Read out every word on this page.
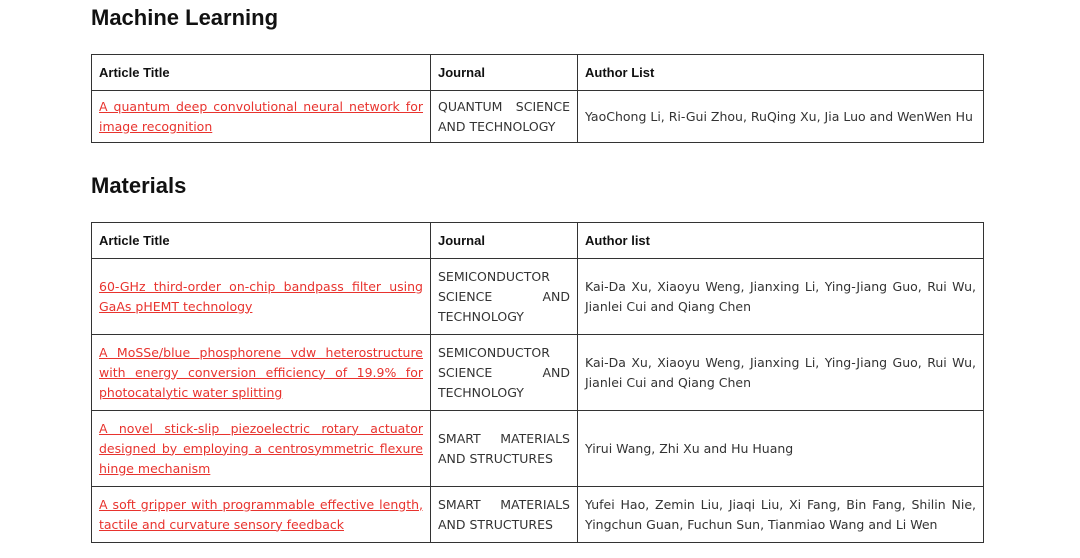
Machine Learning
Article Title	Journal	Author List
A quantum deep convolutional neural network for image recognition	QUANTUM SCIENCE AND TECHNOLOGY	YaoChong Li, Ri-Gui Zhou, RuQing Xu, Jia Luo and WenWen Hu
Materials
Article Title	Journal	Author list
60-GHz third-order on-chip bandpass filter using GaAs pHEMT technology	SEMICONDUCTOR SCIENCE AND TECHNOLOGY	Kai-Da Xu, Xiaoyu Weng, Jianxing Li, Ying-Jiang Guo, Rui Wu, Jianlei Cui and Qiang Chen
A MoSSe/blue phosphorene vdw heterostructure with energy conversion efficiency of 19.9% for photocatalytic water splitting	SEMICONDUCTOR SCIENCE AND TECHNOLOGY	Kai-Da Xu, Xiaoyu Weng, Jianxing Li, Ying-Jiang Guo, Rui Wu, Jianlei Cui and Qiang Chen
A novel stick-slip piezoelectric rotary actuator designed by employing a centrosymmetric flexure hinge mechanism	SMART MATERIALS AND STRUCTURES	Yirui Wang, Zhi Xu and Hu Huang
A soft gripper with programmable effective length, tactile and curvature sensory feedback	SMART MATERIALS AND STRUCTURES	Yufei Hao, Zemin Liu, Jiaqi Liu, Xi Fang, Bin Fang, Shilin Nie, Yingchun Guan, Fuchun Sun, Tianmiao Wang and Li Wen
